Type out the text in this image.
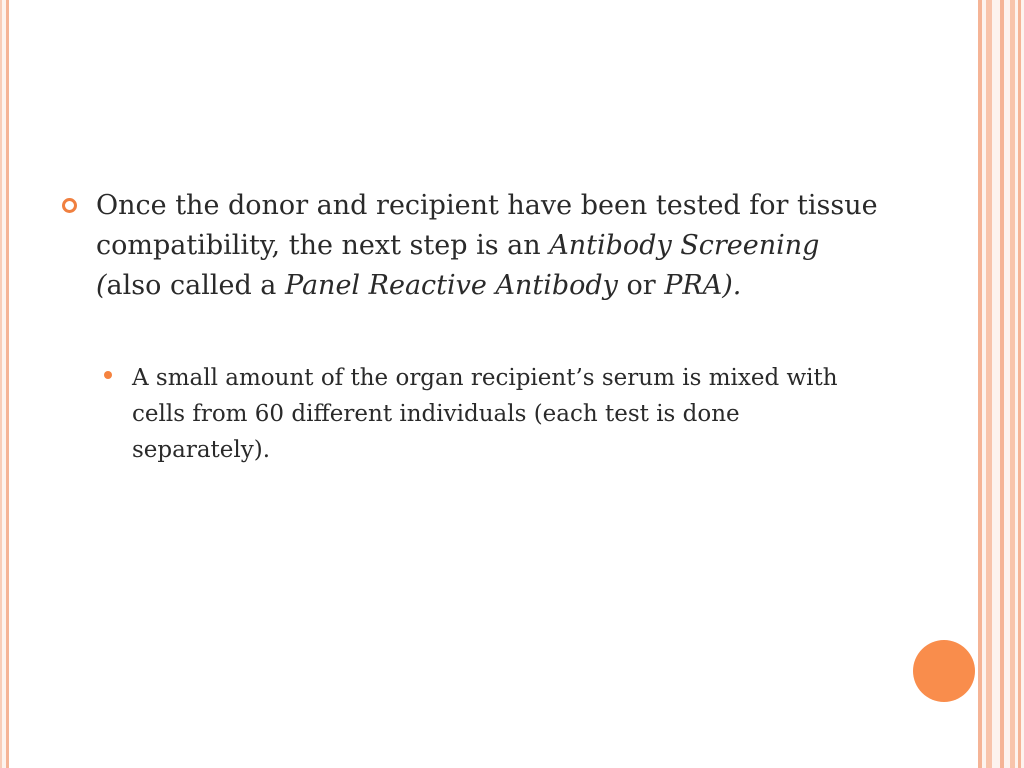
Once the donor and recipient have been tested for tissue compatibility, the next step is an Antibody Screening (also called a Panel Reactive Antibody or PRA).
A small amount of the organ recipient’s serum is mixed with cells from 60 different individuals (each test is done separately).
